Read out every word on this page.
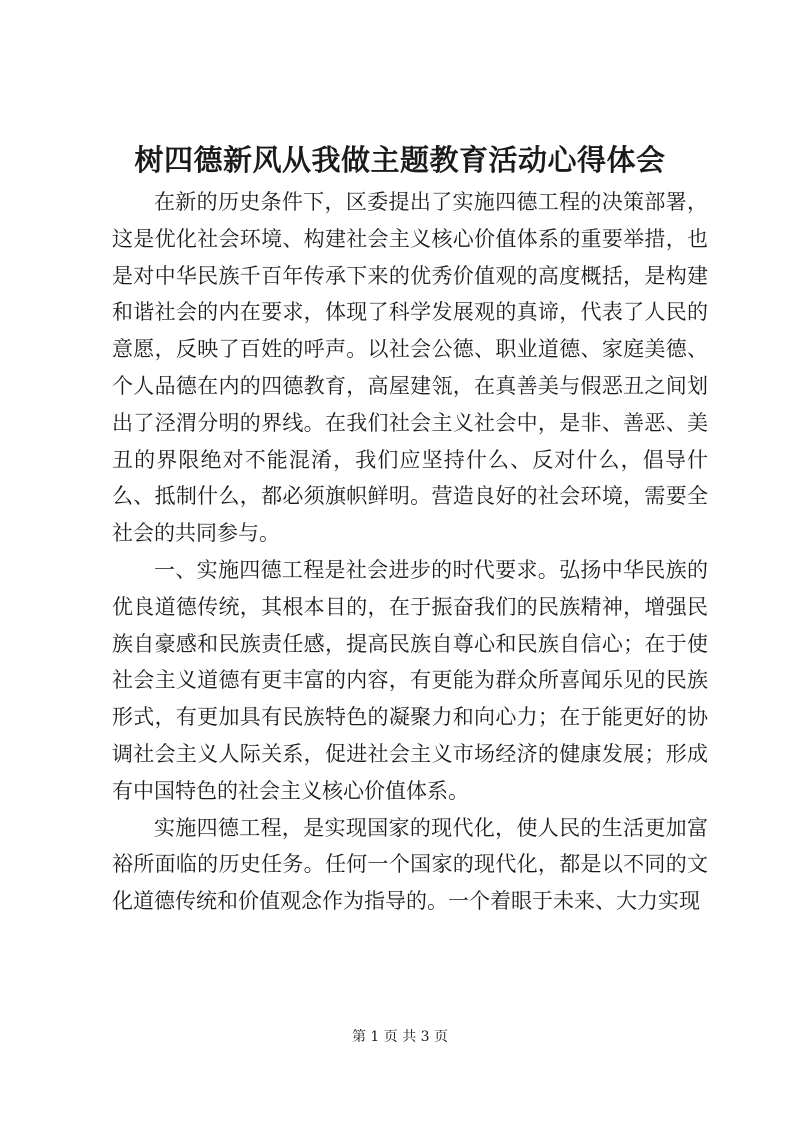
树四德新风从我做主题教育活动心得体会

在新的历史条件下，区委提出了实施四德工程的决策部署，这是优化社会环境、构建社会主义核心价值体系的重要举措，也是对中华民族千百年传承下来的优秀价值观的高度概括，是构建和谐社会的内在要求，体现了科学发展观的真谛，代表了人民的意愿，反映了百姓的呼声。以社会公德、职业道德、家庭美德、个人品德在内的四德教育，高屋建瓴，在真善美与假恶丑之间划出了泾渭分明的界线。在我们社会主义社会中，是非、善恶、美丑的界限绝对不能混淆，我们应坚持什么、反对什么，倡导什么、抵制什么，都必须旗帜鲜明。营造良好的社会环境，需要全社会的共同参与。

一、实施四德工程是社会进步的时代要求。弘扬中华民族的优良道德传统，其根本目的，在于振奋我们的民族精神，增强民族自豪感和民族责任感，提高民族自尊心和民族自信心；在于使社会主义道德有更丰富的内容，有更能为群众所喜闻乐见的民族形式，有更加具有民族特色的凝聚力和向心力；在于能更好的协调社会主义人际关系，促进社会主义市场经济的健康发展；形成有中国特色的社会主义核心价值体系。

实施四德工程，是实现国家的现代化，使人民的生活更加富裕所面临的历史任务。任何一个国家的现代化，都是以不同的文化道德传统和价值观念作为指导的。一个着眼于未来、大力实现

第 1 页 共 3 页
